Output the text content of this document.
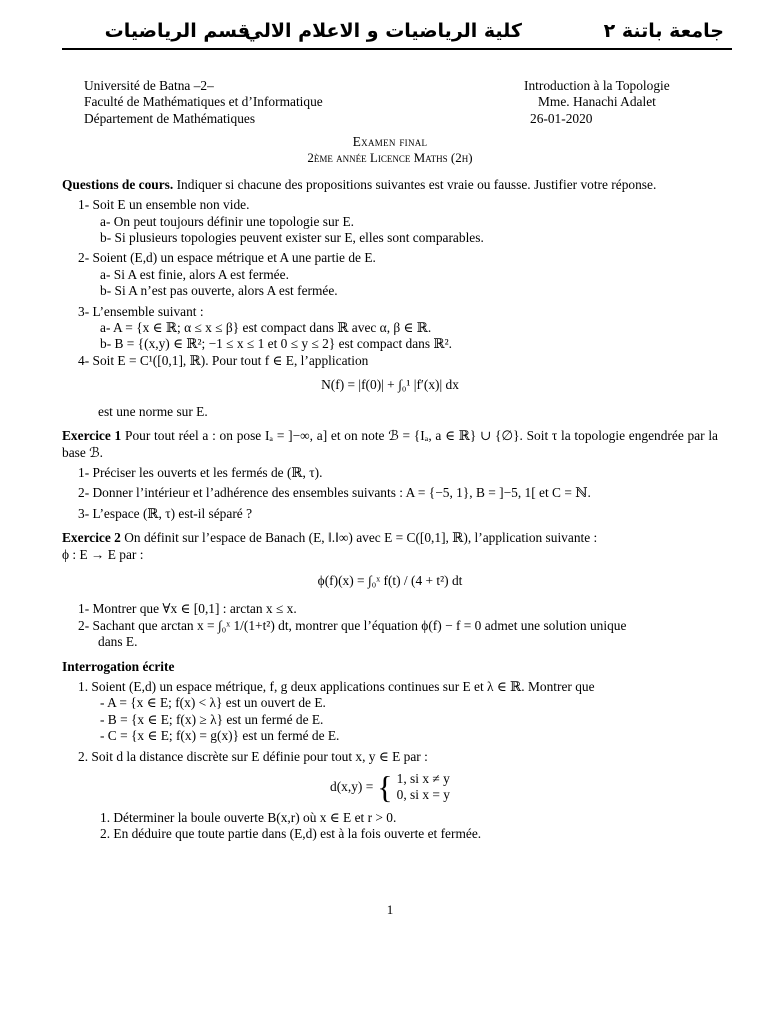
جامعة باتنة ٢
كلية الرياضيات و الاعلام الالي
قسم الرياضيات
Université de Batna –2–
Faculté de Mathématiques et d’Informatique
Département de Mathématiques
Introduction à la Topologie
Mme. Hanachi Adalet
26-01-2020
Examen final
2ème année Licence Maths (2h)
Questions de cours. Indiquer si chacune des propositions suivantes est vraie ou fausse. Justifier votre réponse.
1- Soit E un ensemble non vide.
a- On peut toujours définir une topologie sur E.
b- Si plusieurs topologies peuvent exister sur E, elles sont comparables.
2- Soient (E,d) un espace métrique et A une partie de E.
a- Si A est finie, alors A est fermée.
b- Si A n’est pas ouverte, alors A est fermée.
3- L’ensemble suivant :
a- A = {x ∈ ℝ; α ≤ x ≤ β} est compact dans ℝ avec α, β ∈ ℝ.
b- B = {(x,y) ∈ ℝ²; −1 ≤ x ≤ 1 et 0 ≤ y ≤ 2} est compact dans ℝ².
4- Soit E = C¹([0,1], ℝ). Pour tout f ∈ E, l’application
N(f) = |f(0)| + ∫₀¹ |f′(x)| dx
est une norme sur E.
Exercice 1 Pour tout réel a : on pose Iₐ = ]−∞, a] et on note ℬ = {Iₐ, a ∈ ℝ} ∪ {∅}. Soit τ la topologie engendrée par la base ℬ.
1- Préciser les ouverts et les fermés de (ℝ, τ).
2- Donner l’intérieur et l’adhérence des ensembles suivants : A = {−5, 1}, B = ]−5, 1[ et C = ℕ.
3- L’espace (ℝ, τ) est-il séparé ?
Exercice 2 On définit sur l’espace de Banach (E, ‖.‖∞) avec E = C([0,1], ℝ), l’application suivante :
ϕ : E → E par :
ϕ(f)(x) = ∫₀ˣ f(t) / (4 + t²) dt
1- Montrer que ∀x ∈ [0,1] : arctan x ≤ x.
2- Sachant que arctan x = ∫₀ˣ 1/(1+t²) dt, montrer que l’équation ϕ(f) − f = 0 admet une solution unique
dans E.
Interrogation écrite
1. Soient (E,d) un espace métrique, f, g deux applications continues sur E et λ ∈ ℝ. Montrer que
- A = {x ∈ E; f(x) < λ} est un ouvert de E.
- B = {x ∈ E; f(x) ≥ λ} est un fermé de E.
- C = {x ∈ E; f(x) = g(x)} est un fermé de E.
2. Soit d la distance discrète sur E définie pour tout x, y ∈ E par :
d(x,y) = { 1, si x ≠ y
0, si x = y
1. Déterminer la boule ouverte B(x,r) où x ∈ E et r > 0.
2. En déduire que toute partie dans (E,d) est à la fois ouverte et fermée.
1
